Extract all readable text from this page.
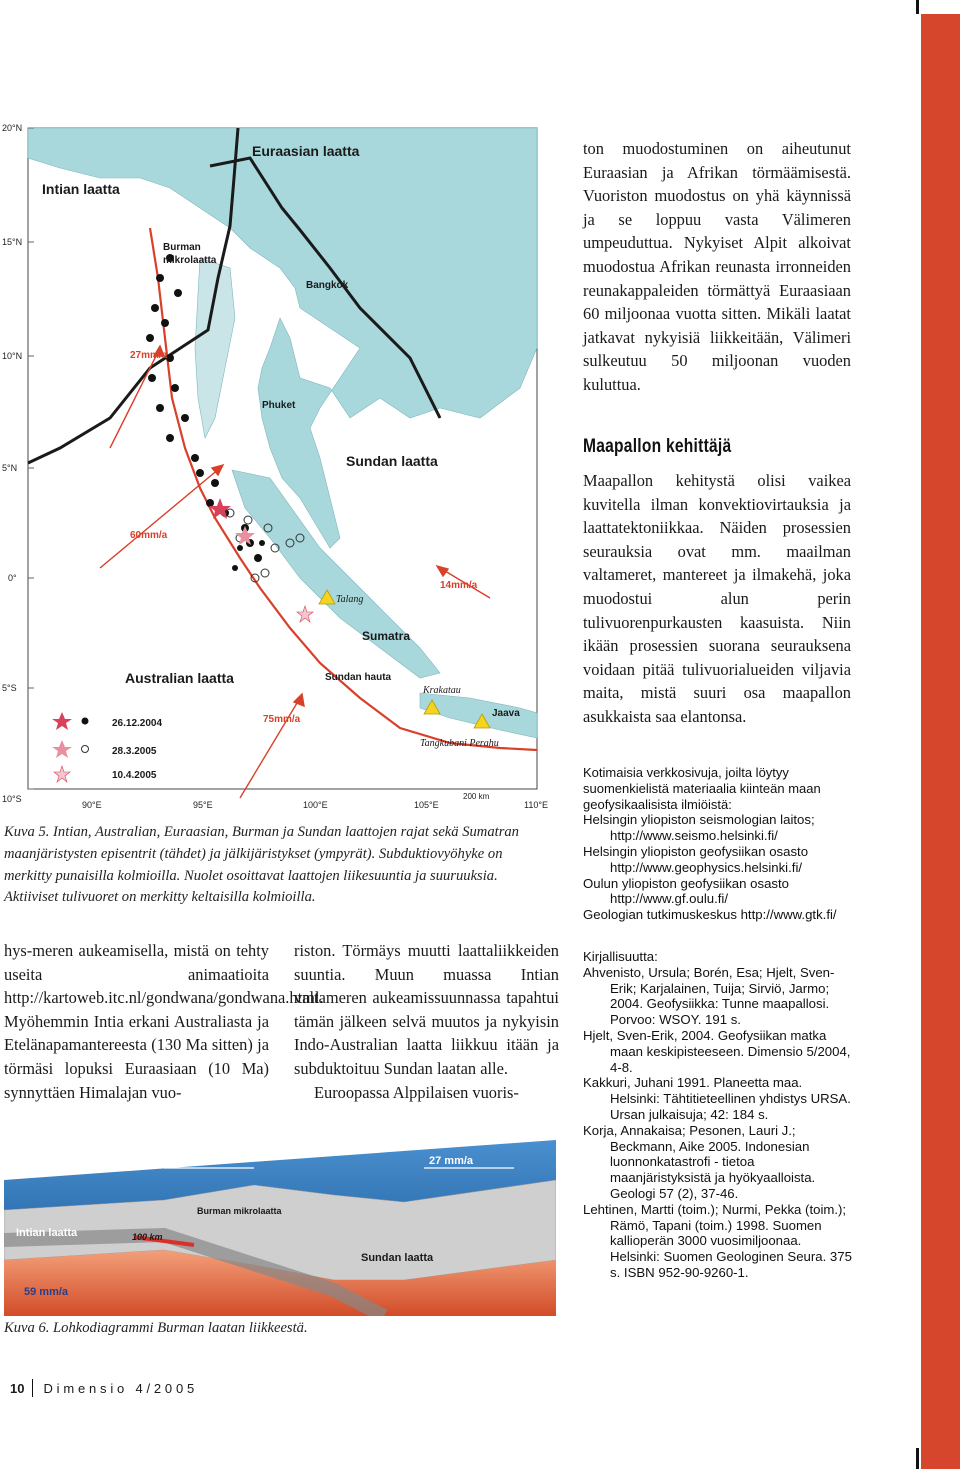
20°N
15°N
10°N
5°N
0°
5°S
10°S
90°E	95°E	100°E	105°E	110°E
Euraasian laatta
Intian laatta
Sundan laatta
Australian laatta
Burman
mikrolaatta
Bangkok
Phuket
Sundan hauta
Jaava
200 km
Sumatra
Talang
Krakatau
Tangkubani Perahu
27mm/a
60mm/a
14mm/a
75mm/a
26.12.2004
28.3.2005
10.4.2005
Kuva 5. Intian, Australian, Euraasian, Burman ja Sundan laattojen rajat sekä Sumatran maanjäristysten episentrit (tähdet) ja jälkijäristykset (ympyrät). Subduktiovyöhyke on merkitty punaisilla kolmioilla. Nuolet osoittavat laattojen liikesuuntia ja suuruuksia. Aktiiviset tulivuoret on merkitty keltaisilla kolmioilla.

hys-meren aukeamisella, mistä on tehty useita animaatioita http://kartoweb.itc.nl/gondwana/gondwana.html. Myöhemmin Intia erkani Australiasta ja Etelänapamantereesta (130 Ma sitten) ja törmäsi lopuksi Euraasiaan (10 Ma) synnyttäen Himalajan vuo-

riston. Törmäys muutti laattaliikkeiden suuntia. Muun muassa Intian valtameren aukeamissuunnassa tapahtui tämän jälkeen selvä muutos ja nykyisin Indo-Australian laatta liikkuu itään ja subduktoituu Sundan laatan alle.

Euroopassa Alppilaisen vuoris-

66 mm/a	27 mm/a
Intian laatta
59 mm/a
Burman mikrolaatta
100 km
Sundan laatta
Kuva 6. Lohkodiagrammi Burman laatan liikkeestä.

ton muodostuminen on aiheutunut Euraasian ja Afrikan törmäämisestä. Vuoriston muodostus on yhä käynnissä ja se loppuu vasta Välimeren umpeuduttua. Nykyiset Alpit alkoivat muodostua Afrikan reunasta irronneiden reunakappaleiden törmättyä Euraasiaan 60 miljoonaa vuotta sitten. Mikäli laatat jatkavat nykyisiä liikkeitään, Välimeri sulkeutuu 50 miljoonan vuoden kuluttua.

Maapallon kehittäjä

Maapallon kehitystä olisi vaikea kuvitella ilman konvektiovirtauksia ja laattatektoniikkaa. Näiden prosessien seurauksia ovat mm. maailman valtameret, mantereet ja ilmakehä, joka muodostui alun perin tulivuorenpurkausten kaasuista. Niin ikään prosessien suorana seurauksena voidaan pitää tulivuorialueiden viljavia maita, mistä suuri osa maapallon asukkaista saa elantonsa.

Kotimaisia verkkosivuja, joilta löytyy suomenkielistä materiaalia kiinteän maan geofysikaalisista ilmiöistä:
Helsingin yliopiston seismologian laitos; http://www.seismo.helsinki.fi/
Helsingin yliopiston geofysiikan osasto http://www.geophysics.helsinki.fi/
Oulun yliopiston geofysiikan osasto http://www.gf.oulu.fi/
Geologian tutkimuskeskus http://www.gtk.fi/
Kirjallisuutta:
Ahvenisto, Ursula; Borén, Esa; Hjelt, Sven-Erik; Karjalainen, Tuija; Sirviö, Jarmo; 2004. Geofysiikka: Tunne maapallosi. Porvoo: WSOY. 191 s.
Hjelt, Sven-Erik, 2004. Geofysiikan matka maan keskipisteeseen. Dimensio 5/2004, 4-8.
Kakkuri, Juhani 1991. Planeetta maa. Helsinki: Tähtitieteellinen yhdistys URSA. Ursan julkaisuja; 42: 184 s.
Korja, Annakaisa; Pesonen, Lauri J.; Beckmann, Aike 2005. Indonesian luonnonkatastrofi - tietoa maanjäristyksistä ja hyökyaalloista. Geologi 57 (2), 37-46.
Lehtinen, Martti (toim.); Nurmi, Pekka (toim.); Rämö, Tapani (toim.) 1998. Suomen kallioperän 3000 vuosimiljoonaa. Helsinki: Suomen Geologinen Seura. 375 s. ISBN 952-90-9260-1.
10 Dimensio 4/2005
